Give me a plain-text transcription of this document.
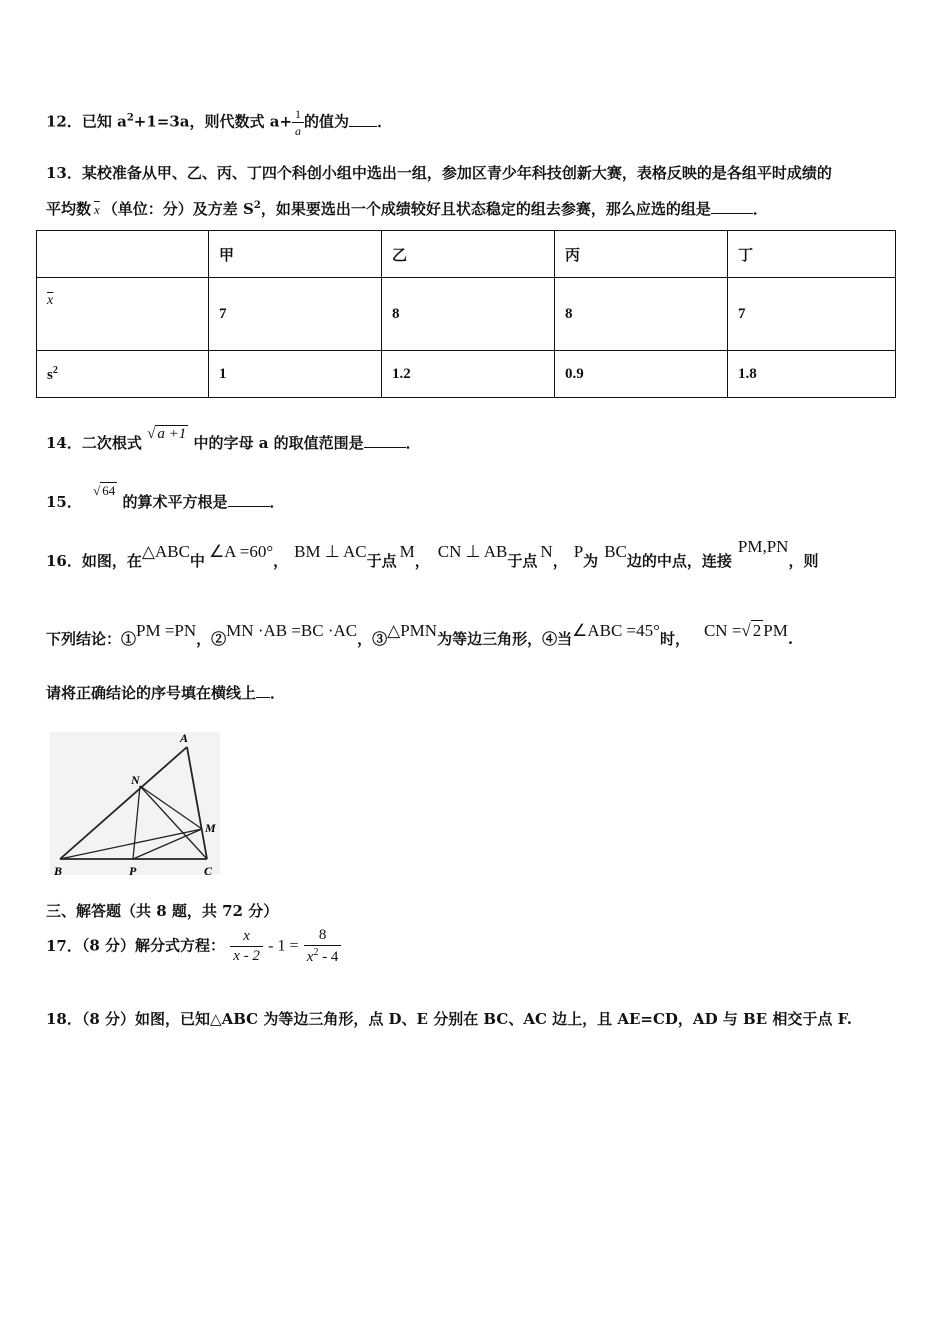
12．已知 $a^2+1=3a$，则代数式 $a+ \frac{1}{a}$ 的值为 ．
13．某校准备从甲、乙、丙、丁四个科创小组中选出一组，参加区青少年科技创新大赛，表格反映的是各组平时成绩的
平均数 $\overline{x}$ （单位：分）及方差 $S^2$，如果要选出一个成绩较好且状态稳定的组去参赛，那么应选的组是	．
	甲	乙	丙	丁
$\overline{x}$	7	8	8	7
$s^2$	1	1.2	0.9	1.8
14．二次根式 √ a +1 中的字母 a 的取值范围是	．
15． √ 64 的算术平方根是	．
16．如图，在△ABC中 ∠A =60°， BM ⊥ AC于点 M， CN ⊥ AB于点 N， P为 BC边的中点，连接PM,PN，则
下列结论：①PM =PN，②MN ·AB =BC ·AC，③△PMN为等边三角形，④当∠ABC =45°时， CN =√ 2 PM.
请将正确结论的序号填在横线上 ．
A
B	C
M
N
P
三、解答题（共 8 题，共 72 分）
17．（8 分）解分式方程： $\frac{x}{x - 2} - 1 = \frac{8}{x^2 - 4}$
18．（8 分）如图，已知△ABC 为等边三角形，点 D、E 分别在 BC、AC 边上，且 AE=CD，AD 与 BE 相交于点 F.
